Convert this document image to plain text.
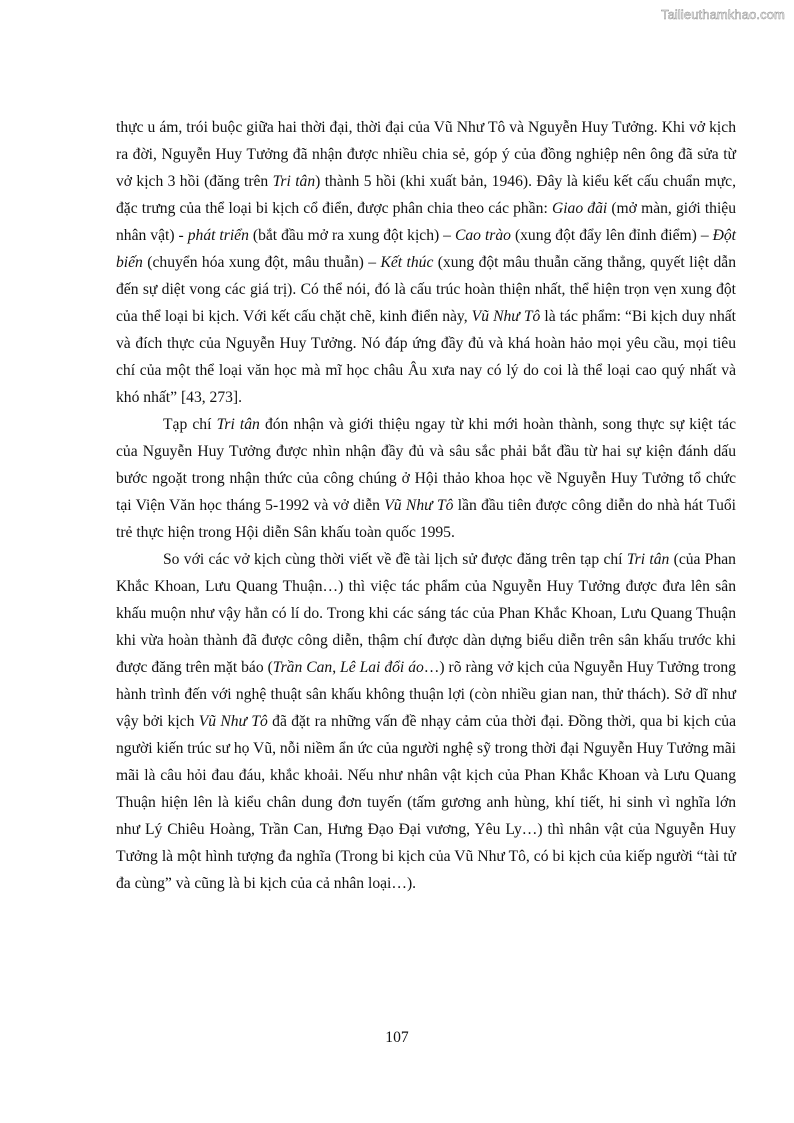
Tailieuthamkhao.com

thực u ám, trói buộc giữa hai thời đại, thời đại của Vũ Như Tô và Nguyễn Huy Tưởng. Khi vở kịch ra đời, Nguyễn Huy Tưởng đã nhận được nhiều chia sẻ, góp ý của đồng nghiệp nên ông đã sửa từ vở kịch 3 hồi (đăng trên Tri tân) thành 5 hồi (khi xuất bản, 1946). Đây là kiểu kết cấu chuẩn mực, đặc trưng của thể loại bi kịch cổ điển, được phân chia theo các phần: Giao đãi (mở màn, giới thiệu nhân vật) - phát triển (bắt đầu mở ra xung đột kịch) – Cao trào (xung đột đẩy lên đỉnh điểm) – Đột biến (chuyển hóa xung đột, mâu thuẫn) – Kết thúc (xung đột mâu thuẫn căng thẳng, quyết liệt dẫn đến sự diệt vong các giá trị). Có thể nói, đó là cấu trúc hoàn thiện nhất, thể hiện trọn vẹn xung đột của thể loại bi kịch. Với kết cấu chặt chẽ, kinh điển này, Vũ Như Tô là tác phẩm: “Bi kịch duy nhất và đích thực của Nguyễn Huy Tưởng. Nó đáp ứng đầy đủ và khá hoàn hảo mọi yêu cầu, mọi tiêu chí của một thể loại văn học mà mĩ học châu Âu xưa nay có lý do coi là thể loại cao quý nhất và khó nhất” [43, 273].

Tạp chí Tri tân đón nhận và giới thiệu ngay từ khi mới hoàn thành, song thực sự kiệt tác của Nguyễn Huy Tưởng được nhìn nhận đầy đủ và sâu sắc phải bắt đầu từ hai sự kiện đánh dấu bước ngoặt trong nhận thức của công chúng ở Hội thảo khoa học về Nguyễn Huy Tưởng tổ chức tại Viện Văn học tháng 5-1992 và vở diễn Vũ Như Tô lần đầu tiên được công diễn do nhà hát Tuổi trẻ thực hiện trong Hội diễn Sân khấu toàn quốc 1995.

So với các vở kịch cùng thời viết về đề tài lịch sử được đăng trên tạp chí Tri tân (của Phan Khắc Khoan, Lưu Quang Thuận…) thì việc tác phẩm của Nguyễn Huy Tưởng được đưa lên sân khấu muộn như vậy hẳn có lí do. Trong khi các sáng tác của Phan Khắc Khoan, Lưu Quang Thuận khi vừa hoàn thành đã được công diễn, thậm chí được dàn dựng biểu diễn trên sân khấu trước khi được đăng trên mặt báo (Trần Can, Lê Lai đổi áo…) rõ ràng vở kịch của Nguyễn Huy Tưởng trong hành trình đến với nghệ thuật sân khấu không thuận lợi (còn nhiều gian nan, thử thách). Sở dĩ như vậy bởi kịch Vũ Như Tô đã đặt ra những vấn đề nhạy cảm của thời đại. Đồng thời, qua bi kịch của người kiến trúc sư họ Vũ, nỗi niềm ẩn ức của người nghệ sỹ trong thời đại Nguyễn Huy Tưởng mãi mãi là câu hỏi đau đáu, khắc khoải. Nếu như nhân vật kịch của Phan Khắc Khoan và Lưu Quang Thuận hiện lên là kiểu chân dung đơn tuyến (tấm gương anh hùng, khí tiết, hi sinh vì nghĩa lớn như Lý Chiêu Hoàng, Trần Can, Hưng Đạo Đại vương, Yêu Ly…) thì nhân vật của Nguyễn Huy Tưởng là một hình tượng đa nghĩa (Trong bi kịch của Vũ Như Tô, có bi kịch của kiếp người “tài tử đa cùng” và cũng là bi kịch của cả nhân loại…).

107
